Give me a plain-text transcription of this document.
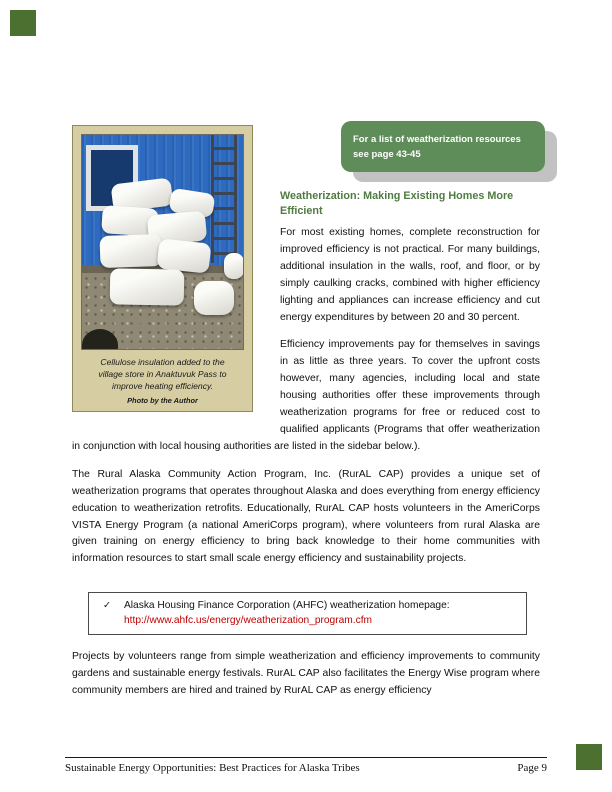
For a list of weatherization resources
see page 43-45
Cellulose insulation added to the
village store in Anaktuvuk Pass to
improve heating efficiency.
Photo by the Author
Weatherization: Making Existing Homes More Efficient

For most existing homes, complete reconstruction for improved efficiency is not practical. For many buildings, additional insulation in the walls, roof, and floor, or by simply caulking cracks, combined with higher efficiency lighting and appliances can increase efficiency and cut energy expenditures by between 20 and 30 percent.

Efficiency improvements pay for themselves in savings in as little as three years. To cover the upfront costs however, many agencies, including local and state housing authorities offer these improvements through weatherization programs for free or reduced cost to qualified applicants (Programs that offer weatherization in conjunction with local housing authorities are listed in the sidebar below.).

The Rural Alaska Community Action Program, Inc. (RurAL CAP) provides a unique set of weatherization programs that operates throughout Alaska and does everything from energy efficiency education to weatherization retrofits. Educationally, RurAL CAP hosts volunteers in the AmeriCorps VISTA Energy Program (a national AmeriCorps program), where volunteers from rural Alaska are given training on energy efficiency to bring back knowledge to their home communities with information resources to start small scale energy efficiency and sustainability projects.

✓ Alaska Housing Finance Corporation (AHFC) weatherization homepage:
http://www.ahfc.us/energy/weatherization_program.cfm

Projects by volunteers range from simple weatherization and efficiency improvements to community gardens and sustainable energy festivals. RurAL CAP also facilitates the Energy Wise program where community members are hired and trained by RurAL CAP as energy efficiency

Sustainable Energy Opportunities: Best Practices for Alaska Tribes	Page 9
